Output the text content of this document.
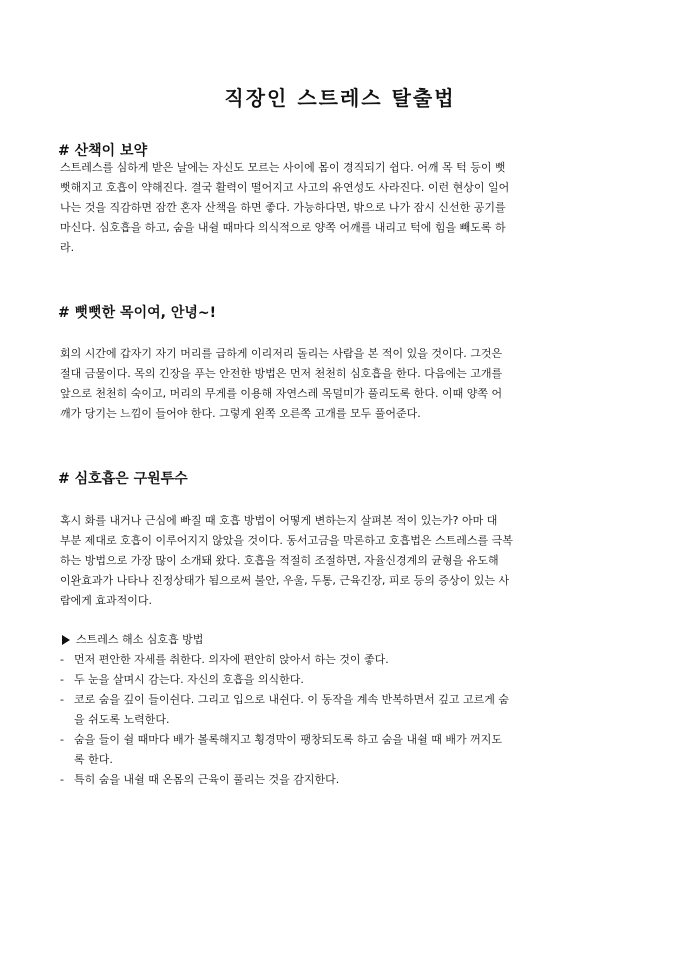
직장인 스트레스 탈출법
# 산책이 보약
스트레스를 심하게 받은 날에는 자신도 모르는 사이에 몸이 경직되기 쉽다. 어깨 목 턱 등이 뻣
뻣해지고 호흡이 약해진다. 결국 활력이 떨어지고 사고의 유연성도 사라진다. 이런 현상이 일어
나는 것을 직감하면 잠깐 혼자 산책을 하면 좋다. 가능하다면, 밖으로 나가 잠시 신선한 공기를
마신다. 심호흡을 하고, 숨을 내쉴 때마다 의식적으로 양쪽 어깨를 내리고 턱에 힘을 빼도록 하
라.
# 뻣뻣한 목이여, 안녕~!
회의 시간에 갑자기 자기 머리를 급하게 이리저리 돌리는 사람을 본 적이 있을 것이다. 그것은
절대 금물이다. 목의 긴장을 푸는 안전한 방법은 먼저 천천히 심호흡을 한다. 다음에는 고개를
앞으로 천천히 숙이고, 머리의 무게를 이용해 자연스레 목덜미가 풀리도록 한다. 이때 양쪽 어
깨가 당기는 느낌이 들어야 한다. 그렇게 왼쪽 오른쪽 고개를 모두 풀어준다.
# 심호흡은 구원투수
혹시 화를 내거나 근심에 빠질 때 호흡 방법이 어떻게 변하는지 살펴본 적이 있는가? 아마 대
부분 제대로 호흡이 이루어지지 않았을 것이다. 동서고금을 막론하고 호흡법은 스트레스를 극복
하는 방법으로 가장 많이 소개돼 왔다. 호흡을 적절히 조절하면, 자율신경계의 균형을 유도해
이완효과가 나타나 진정상태가 됨으로써 불안, 우울, 두통, 근육긴장, 피로 등의 증상이 있는 사
람에게 효과적이다.
스트레스 해소 심호흡 방법
- 먼저 편안한 자세를 취한다. 의자에 편안히 앉아서 하는 것이 좋다.
- 두 눈을 살며시 감는다. 자신의 호흡을 의식한다.
- 코로 숨을 깊이 들이쉰다. 그리고 입으로 내쉰다. 이 동작을 계속 반복하면서 깊고 고르게 숨
을 쉬도록 노력한다.
- 숨을 들이 쉴 때마다 배가 볼록해지고 횡경막이 팽창되도록 하고 숨을 내쉴 때 배가 꺼지도
록 한다.
- 특히 숨을 내쉴 때 온몸의 근육이 풀리는 것을 감지한다.
